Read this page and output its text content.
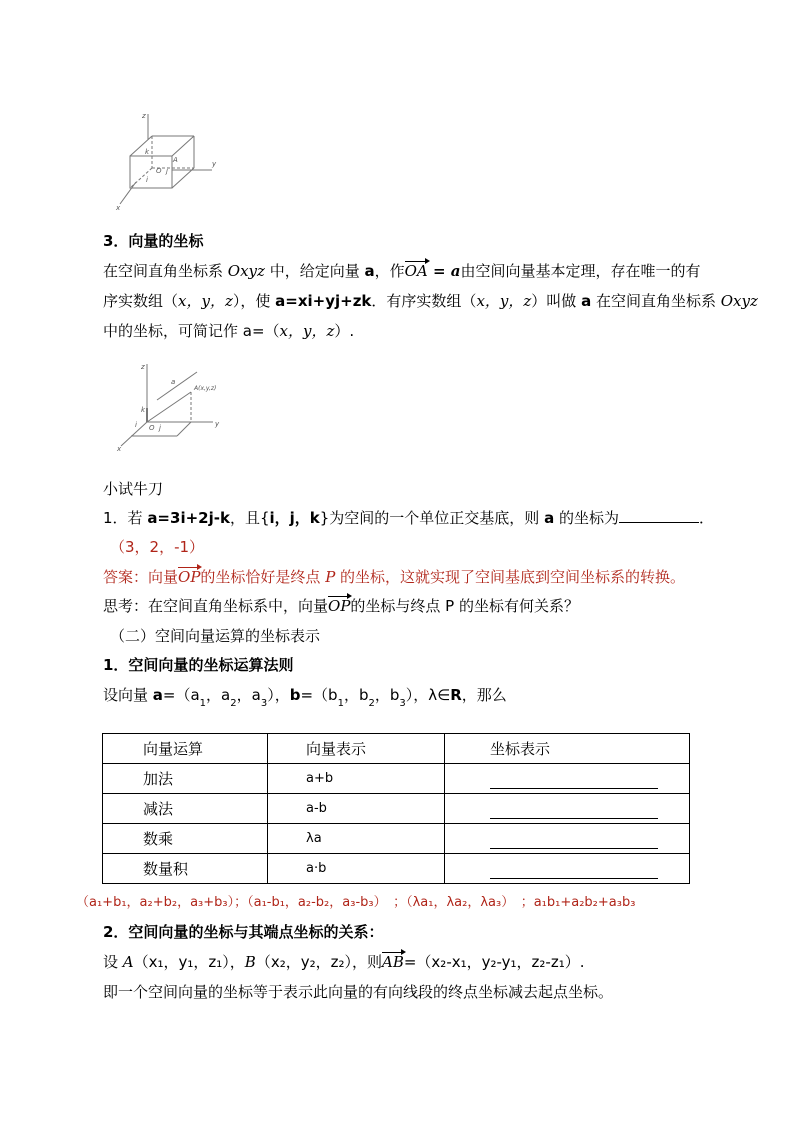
z
y
x
A
k
i
O j
3．向量的坐标
在空间直角坐标系 Oxyz 中，给定向量 a，作OA = a由空间向量基本定理，存在唯一的有
序实数组（x，y，z），使 a=xi+yj+zk．有序实数组（x，y，z）叫做 a 在空间直角坐标系 Oxyz
中的坐标，可简记作 a=（x，y，z）.
z
a
A(x,y,z)
k
i O j	y
x
小试牛刀
1．若 a=3i+2j-k，且{i，j，k}为空间的一个单位正交基底，则 a 的坐标为	．
（3，2，-1）
答案：向量OP的坐标恰好是终点 P 的坐标，这就实现了空间基底到空间坐标系的转换。
思考：在空间直角坐标系中，向量OP的坐标与终点 P 的坐标有何关系？
（二）空间向量运算的坐标表示
1．空间向量的坐标运算法则
设向量 $a=(a_1$，$a_2$，$a_3$），$b=(b_1$，$b_2$，$b_3$），λ∈R，那么
向量运算	向量表示	坐标表示
加法	a+b	
减法	a-b	
数乘	λa	
数量积	a·b	
（a₁+b₁，a₂+b₂，a₃+b₃）；（a₁-b₁，a₂-b₂，a₃-b₃）　；（λa₁，λa₂，λa₃）　；a₁b₁+a₂b₂+a₃b₃
2．空间向量的坐标与其端点坐标的关系：
设 A（x₁，y₁，z₁），B（x₂，y₂，z₂），则AB=（x₂-x₁，y₂-y₁，z₂-z₁）.
即一个空间向量的坐标等于表示此向量的有向线段的终点坐标减去起点坐标。
